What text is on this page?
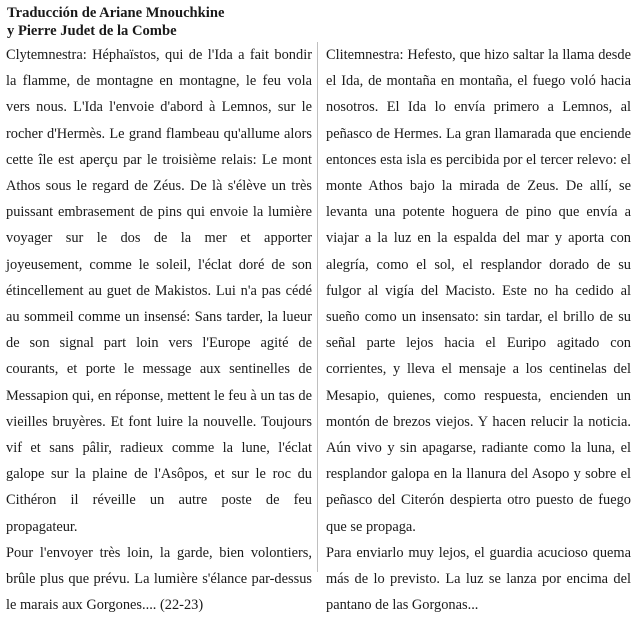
Traducción de Ariane Mnouchkine
y Pierre Judet de la Combe

Clytemnestra: Héphaïstos, qui de l'Ida a fait bondir la flamme, de montagne en montagne, le feu vola vers nous. L'Ida l'envoie d'abord à Lemnos, sur le rocher d'Hermès. Le grand flambeau qu'allume alors cette île est aperçu par le troisième relais: Le mont Athos sous le regard de Zéus. De là s'élève un très puissant embrasement de pins qui envoie la lumière voyager sur le dos de la mer et apporter joyeusement, comme le soleil, l'éclat doré de son étincellement au guet de Makistos. Lui n'a pas cédé au sommeil comme un insensé: Sans tarder, la lueur de son signal part loin vers l'Europe agité de courants, et porte le message aux sentinelles de Messapion qui, en réponse, mettent le feu à un tas de vieilles bruyères. Et font luire la nouvelle. Toujours vif et sans pâlir, radieux comme la lune, l'éclat galope sur la plaine de l'Asôpos, et sur le roc du Cithéron il réveille un autre poste de feu propagateur.

Pour l'envoyer très loin, la garde, bien volontiers, brûle plus que prévu. La lumière s'élance par-dessus le marais aux Gorgones.... (22-23)

Clitemnestra: Hefesto, que hizo saltar la llama desde el Ida, de montaña en montaña, el fuego voló hacia nosotros. El Ida lo envía primero a Lemnos, al peñasco de Hermes. La gran llamarada que enciende entonces esta isla es percibida por el tercer relevo: el monte Athos bajo la mirada de Zeus. De allí, se levanta una potente hoguera de pino que envía a viajar a la luz en la espalda del mar y aporta con alegría, como el sol, el resplandor dorado de su fulgor al vigía del Macisto. Este no ha cedido al sueño como un insensato: sin tardar, el brillo de su señal parte lejos hacia el Euripo agitado con corrientes, y lleva el mensaje a los centinelas del Mesapio, quienes, como respuesta, encienden un montón de brezos viejos. Y hacen relucir la noticia. Aún vivo y sin apagarse, radiante como la luna, el resplandor galopa en la llanura del Asopo y sobre el peñasco del Citerón despierta otro puesto de fuego que se propaga.

Para enviarlo muy lejos, el guardia acucioso quema más de lo previsto. La luz se lanza por encima del pantano de las Gorgonas...
